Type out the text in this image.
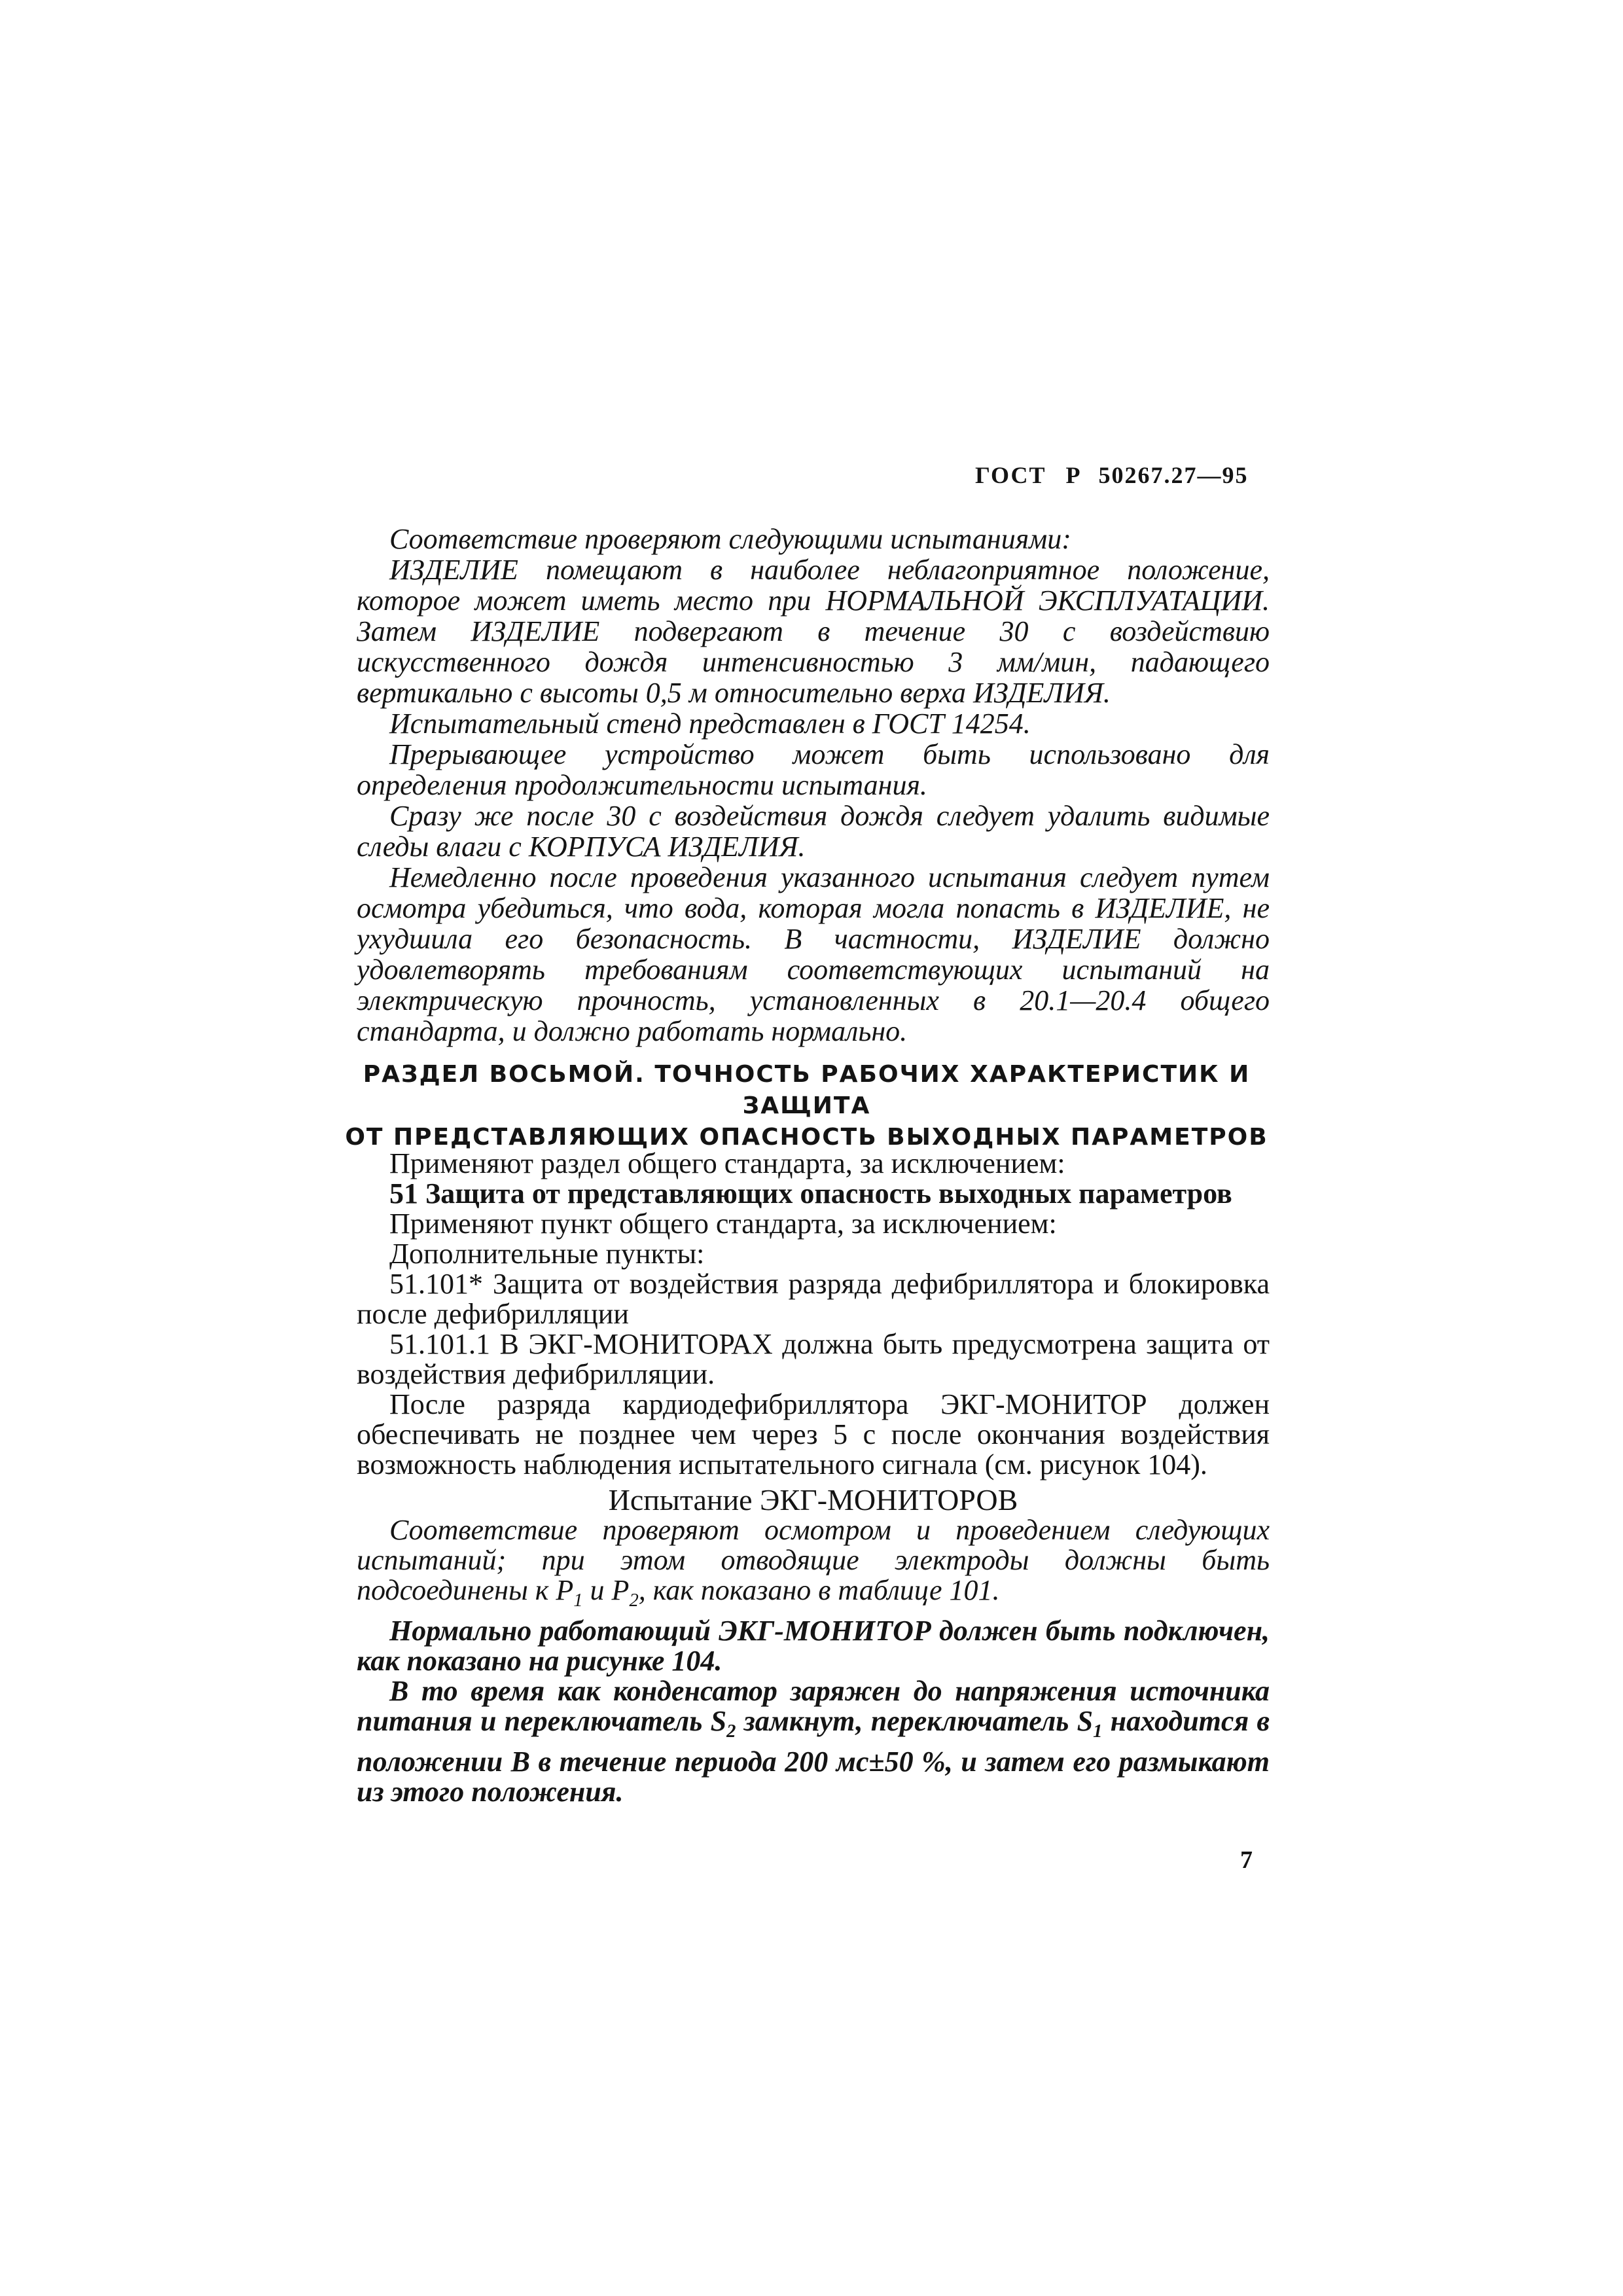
ГОСТ Р 50267.27—95

Соответствие проверяют следующими испытаниями:

ИЗДЕЛИЕ помещают в наиболее неблагоприятное положение, которое может иметь место при НОРМАЛЬНОЙ ЭКСПЛУАТАЦИИ. Затем ИЗДЕЛИЕ подвергают в течение 30 с воздействию искусственного дождя интенсивностью 3 мм/мин, падающего вертикально с высоты 0,5 м относительно верха ИЗДЕЛИЯ.

Испытательный стенд представлен в ГОСТ 14254.

Прерывающее устройство может быть использовано для определения продолжительности испытания.

Сразу же после 30 с воздействия дождя следует удалить видимые следы влаги с КОРПУСА ИЗДЕЛИЯ.

Немедленно после проведения указанного испытания следует путем осмотра убедиться, что вода, которая могла попасть в ИЗДЕЛИЕ, не ухудшила его безопасность. В частности, ИЗДЕЛИЕ должно удовлетворять требованиям соответствующих испытаний на электрическую прочность, установленных в 20.1—20.4 общего стандарта, и должно работать нормально.

РАЗДЕЛ ВОСЬМОЙ. ТОЧНОСТЬ РАБОЧИХ ХАРАКТЕРИСТИК И ЗАЩИТА
ОТ ПРЕДСТАВЛЯЮЩИХ ОПАСНОСТЬ ВЫХОДНЫХ ПАРАМЕТРОВ

Применяют раздел общего стандарта, за исключением:

51 Защита от представляющих опасность выходных параметров

Применяют пункт общего стандарта, за исключением:

Дополнительные пункты:

51.101* Защита от воздействия разряда дефибриллятора и блокировка после дефибрилляции

51.101.1 В ЭКГ-МОНИТОРАХ должна быть предусмотрена защита от воздействия дефибрилляции.

После разряда кардиодефибриллятора ЭКГ-МОНИТОР должен обеспечивать не позднее чем через 5 с после окончания воздействия возможность наблюдения испытательного сигнала (см. рисунок 104).

Испытание ЭКГ-МОНИТОРОВ

Соответствие проверяют осмотром и проведением следующих испытаний; при этом отводящие электроды должны быть подсоединены к $P_1$ и $P_2$, как показано в таблице 101.

Нормально работающий ЭКГ-МОНИТОР должен быть подключен, как показано на рисунке 104.

В то время как конденсатор заряжен до напряжения источника питания и переключатель $S_2$ замкнут, переключатель $S_1$ находится в положении В в течение периода 200 мс±50 %, и затем его размыкают из этого положения.

7
